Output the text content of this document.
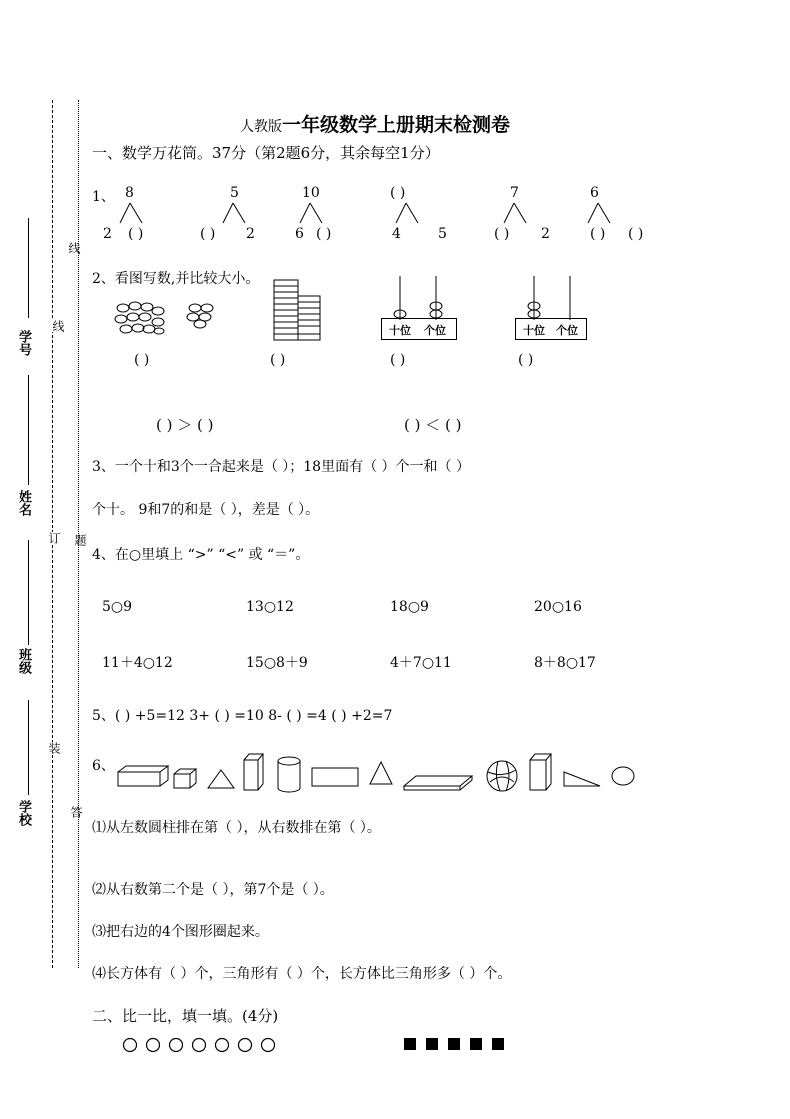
线
线
订 题
装
答
学号
姓名
班级
学校
人教版一年级数学上册期末检测卷
一、数学万花筒。37分（第2题6分，其余每空1分）
1、 8
2 ( )
5
( ) 2
10
6 ( )
( )
4	5
7
( ) 2
6
( ) ( )
2、看图写数,并比较大小。
十位 个位	十位 个位
( )	( )	( )	( )
( ) ＞ ( )	( ) ＜ ( )
3、一个十和3个一合起来是（ ）；18里面有（ ）个一和（ ）
个十。 9和7的和是（ ），差是（ ）。
4、在○里填上 “>” “<” 或 “＝”。
5○9	13○12	18○9	20○16
11＋4○12	15○8＋9	4＋7○11	8＋8○17
5、( ) +5=12 3+ ( ) =10 8- ( ) =4 ( ) +2=7
6、
⑴从左数圆柱排在第（ ），从右数排在第（ ）。
⑵从右数第二个是（ ），第7个是（ ）。
⑶把右边的4个图形圈起来。
⑷长方体有（ ）个，三角形有（ ）个，长方体比三角形多（ ）个。
二、比一比，填一填。(4分)
